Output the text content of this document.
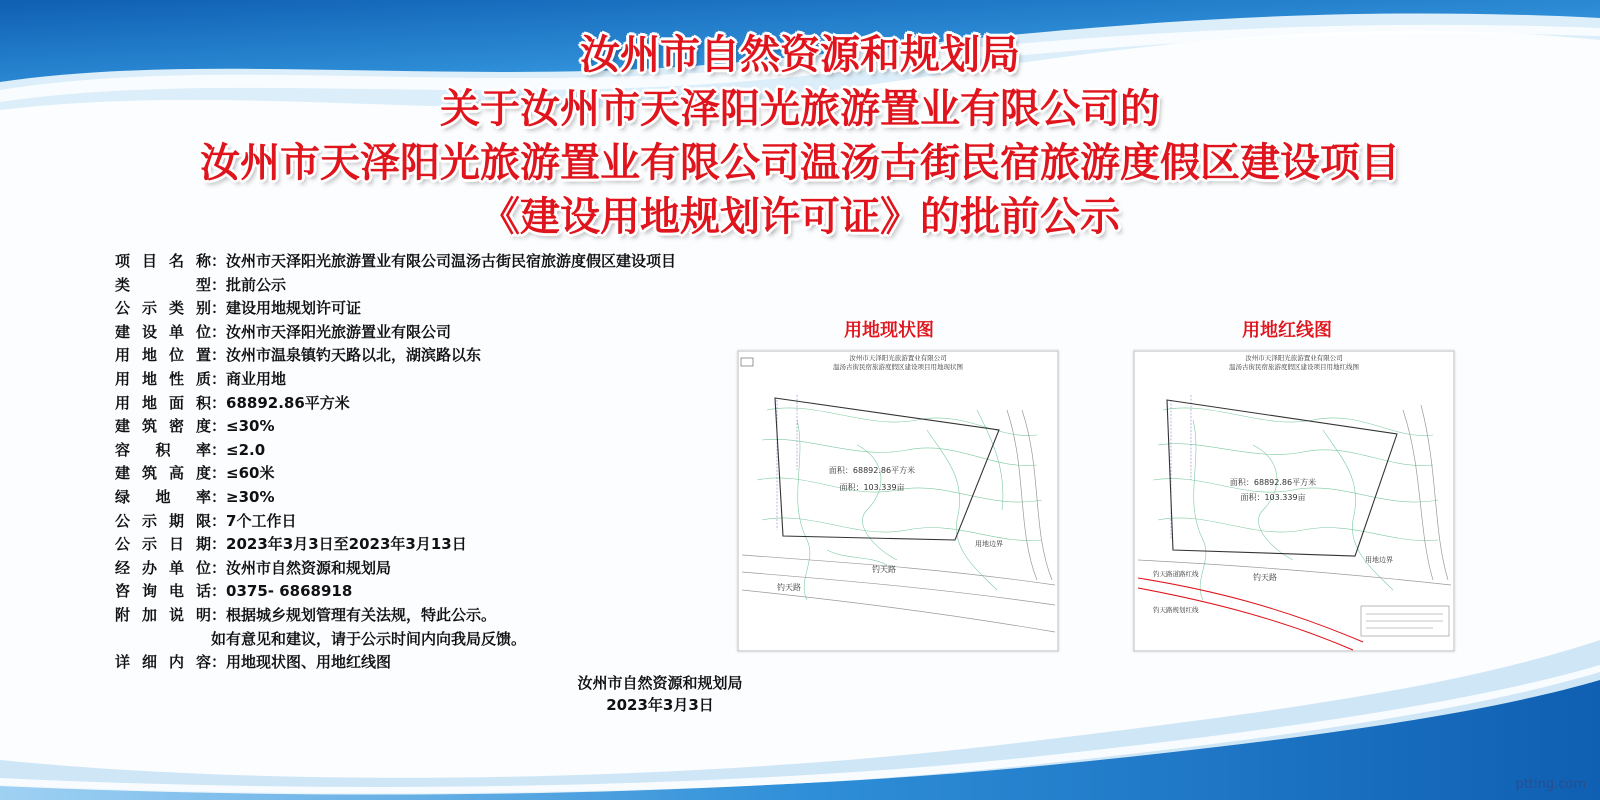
汝州市自然资源和规划局
关于汝州市天泽阳光旅游置业有限公司的
汝州市天泽阳光旅游置业有限公司温汤古街民宿旅游度假区建设项目
《建设用地规划许可证》的批前公示
项 目 名 称 ： 汝州市天泽阳光旅游置业有限公司温汤古街民宿旅游度假区建设项目
类	型 ： 批前公示
公 示 类 别 ： 建设用地规划许可证
建 设 单 位 ： 汝州市天泽阳光旅游置业有限公司
用 地 位 置 ： 汝州市温泉镇钓天路以北，湖滨路以东
用 地 性 质 ： 商业用地
用 地 面 积 ： 68892.86平方米
建 筑 密 度 ： ≤30%
容 积 率 ： ≤2.0
建 筑 高 度 ： ≤60米
绿 地 率 ： ≥30%
公 示 期 限 ： 7个工作日
公 示 日 期 ： 2023年3月3日至2023年3月13日
经 办 单 位 ： 汝州市自然资源和规划局
咨 询 电 话 ： 0375- 6868918
附 加 说 明 ： 根据城乡规划管理有关法规，特此公示。
如有意见和建议，请于公示时间内向我局反馈。
详 细 内 容 ： 用地现状图、用地红线图
汝州市自然资源和规划局
2023年3月3日
用地现状图
汝州市天泽阳光旅游置业有限公司
温汤古街民宿旅游度假区建设项目用地现状图
面积：68892.86平方米
面积：103.339亩
用地边界
钓天路
钓天路
用地红线图
汝州市天泽阳光旅游置业有限公司
温汤古街民宿旅游度假区建设项目用地红线图
面积：68892.86平方米
面积：103.339亩
用地边界
钓天路
钓天路道路红线
钓天路规划红线
ptting.com
